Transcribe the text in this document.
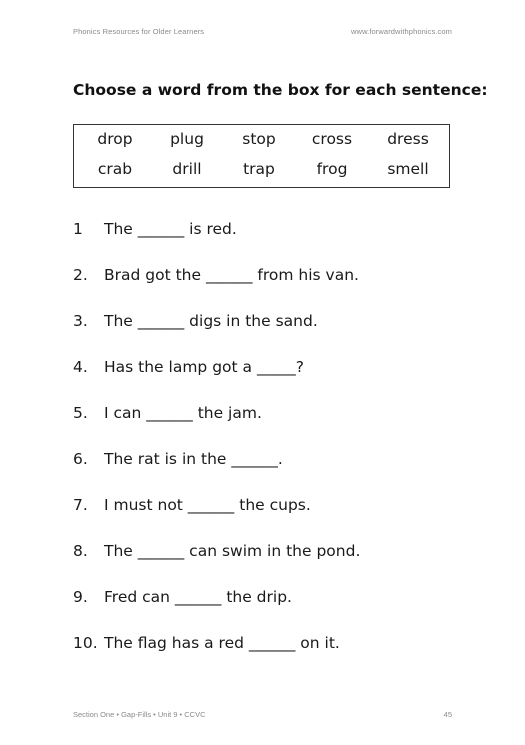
Phonics Resources for Older Learners	www.forwardwithphonics.com
Choose a word from the box for each sentence:
drop plug stop cross dress
crab	drill	trap	frog	smell
1 The ______ is red.
2. Brad got the ______ from his van.
3. The ______ digs in the sand.
4. Has the lamp got a _____?
5. I can ______ the jam.
6. The rat is in the ______.
7. I must not ______ the cups.
8. The ______ can swim in the pond.
9. Fred can ______ the drip.
10. The flag has a red ______ on it.
Section One • Gap-Fills • Unit 9 • CCVC	45
